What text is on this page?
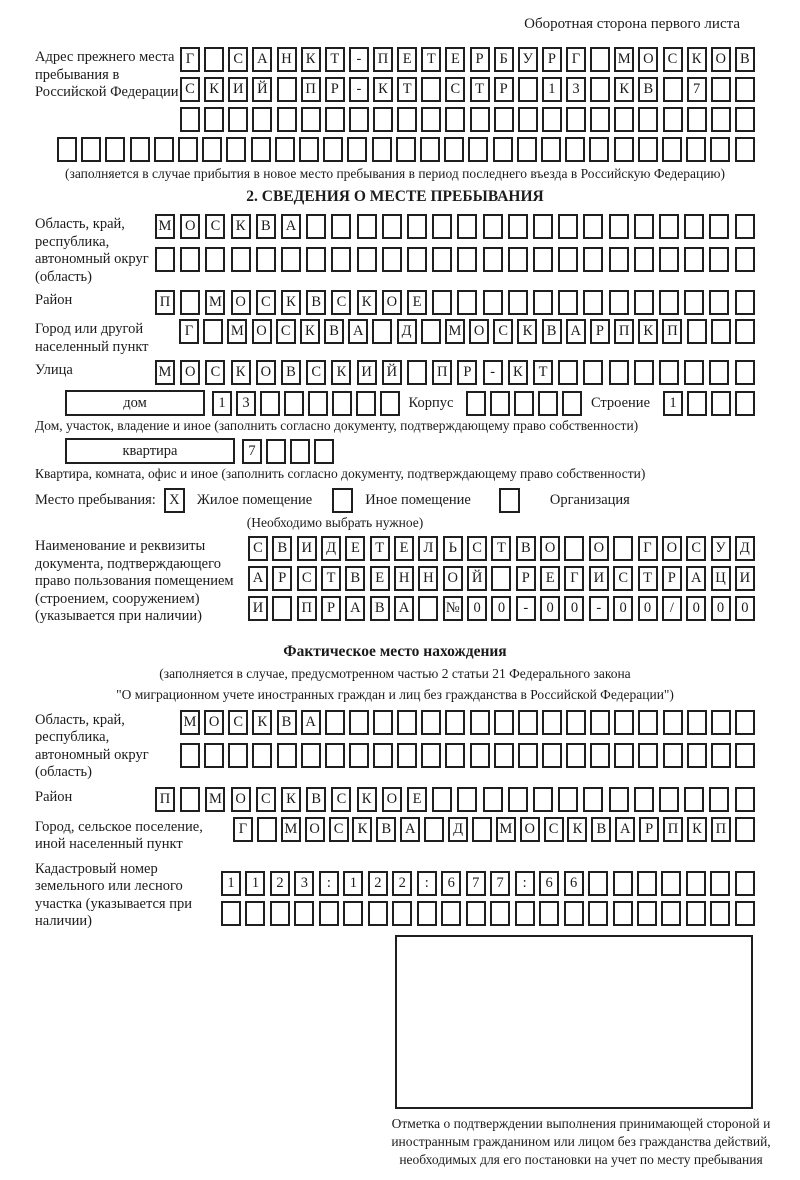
Оборотная сторона первого листа
Адрес прежнего места пребывания в Российской Федерации
Г	С А Н К	Т	-	П Е	Т	Е	Р	Б	У	Р	Г	М О С К О В
С К И Й	П	Р	-	К	Т	С	Т	Р	1	3	К В	7
(заполняется в случае прибытия в новое место пребывания в период последнего въезда в Российскую Федерацию)
2. СВЕДЕНИЯ О МЕСТЕ ПРЕБЫВАНИЯ
Область, край, республика, автономный округ (область)
М О	С	К	В	А
Район	П	М О	С	К	В	С	К	О	Е
Город или другой населенный пункт
Г	М О С	К	В А	Д	М О С	К	В А	Р	П К П
Улица	М О	С	К	О	В	С	К	И	Й	П	Р	-	К	Т
дом	1	3	Корпус	Строение	1
Дом, участок, владение и иное (заполнить согласно документу, подтверждающему право собственности)
квартира	7
Квартира, комната, офис и иное (заполнить согласно документу, подтверждающему право собственности)
Место пребывания: X	Жилое помещение	Иное помещение	Организация
(Необходимо выбрать нужное)
Наименование и реквизиты документа, подтверждающего право пользования помещением (строением, сооружением) (указывается при наличии)
С	В И Д	Е	Т	Е	Л	Ь	С	Т	В О	О	Г	О С У Д
А	Р	С	Т	В	Е	Н Н О Й	Р	Е	Г	И С	Т	Р	А Ц И
И	П	Р	А В А	№ 0	0	-	0	0	-	0	0	/	0	0	0
Фактическое место нахождения
(заполняется в случае, предусмотренном частью 2 статьи 21 Федерального закона
"О миграционном учете иностранных граждан и лиц без гражданства в Российской Федерации")
Область, край, республика, автономный округ (область)
М О С К В А
Район	П	М О	С	К	В	С	К	О	Е
Город, сельское поселение, иной населенный пункт
Г	М О С К В А	Д	М О С К В А	Р	П К П
Кадастровый номер земельного или лесного участка (указывается при наличии)
1	1	2	3	:	1	2	2	:	6	7	7	:	6	6
Отметка о подтверждении выполнения принимающей стороной и иностранным гражданином или лицом без гражданства действий, необходимых для его постановки на учет по месту пребывания
